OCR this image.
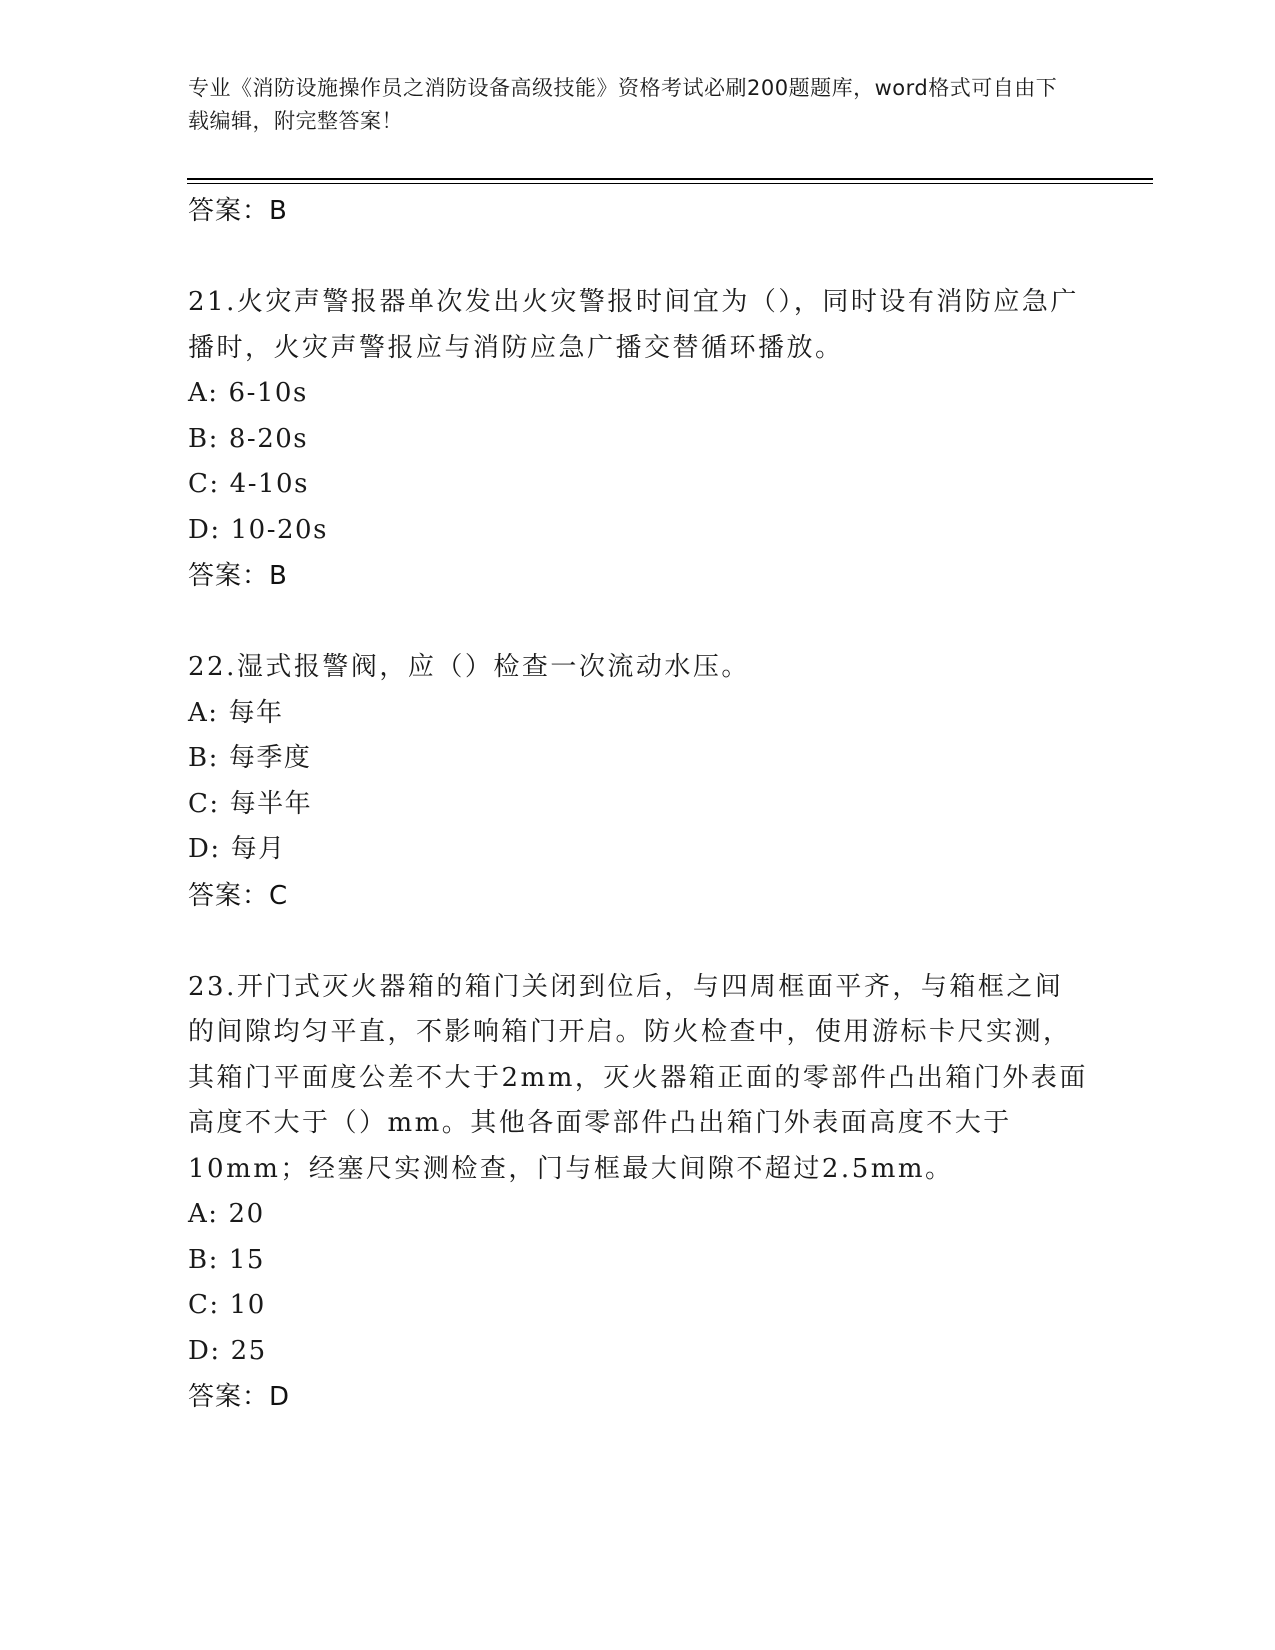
专业《消防设施操作员之消防设备高级技能》资格考试必刷200题题库，word格式可自由下载编辑，附完整答案！
答案：B
21.火灾声警报器单次发出火灾警报时间宜为（），同时设有消防应急广播时，火灾声警报应与消防应急广播交替循环播放。
A: 6-10s
B: 8-20s
C: 4-10s
D: 10-20s
答案：B
22.湿式报警阀，应（）检查一次流动水压。
A: 每年
B: 每季度
C: 每半年
D: 每月
答案：C
23.开门式灭火器箱的箱门关闭到位后，与四周框面平齐，与箱框之间的间隙均匀平直，不影响箱门开启。防火检查中，使用游标卡尺实测，其箱门平面度公差不大于2mm，灭火器箱正面的零部件凸出箱门外表面高度不大于（）mm。其他各面零部件凸出箱门外表面高度不大于10mm；经塞尺实测检查，门与框最大间隙不超过2.5mm。
A: 20
B: 15
C: 10
D: 25
答案：D
